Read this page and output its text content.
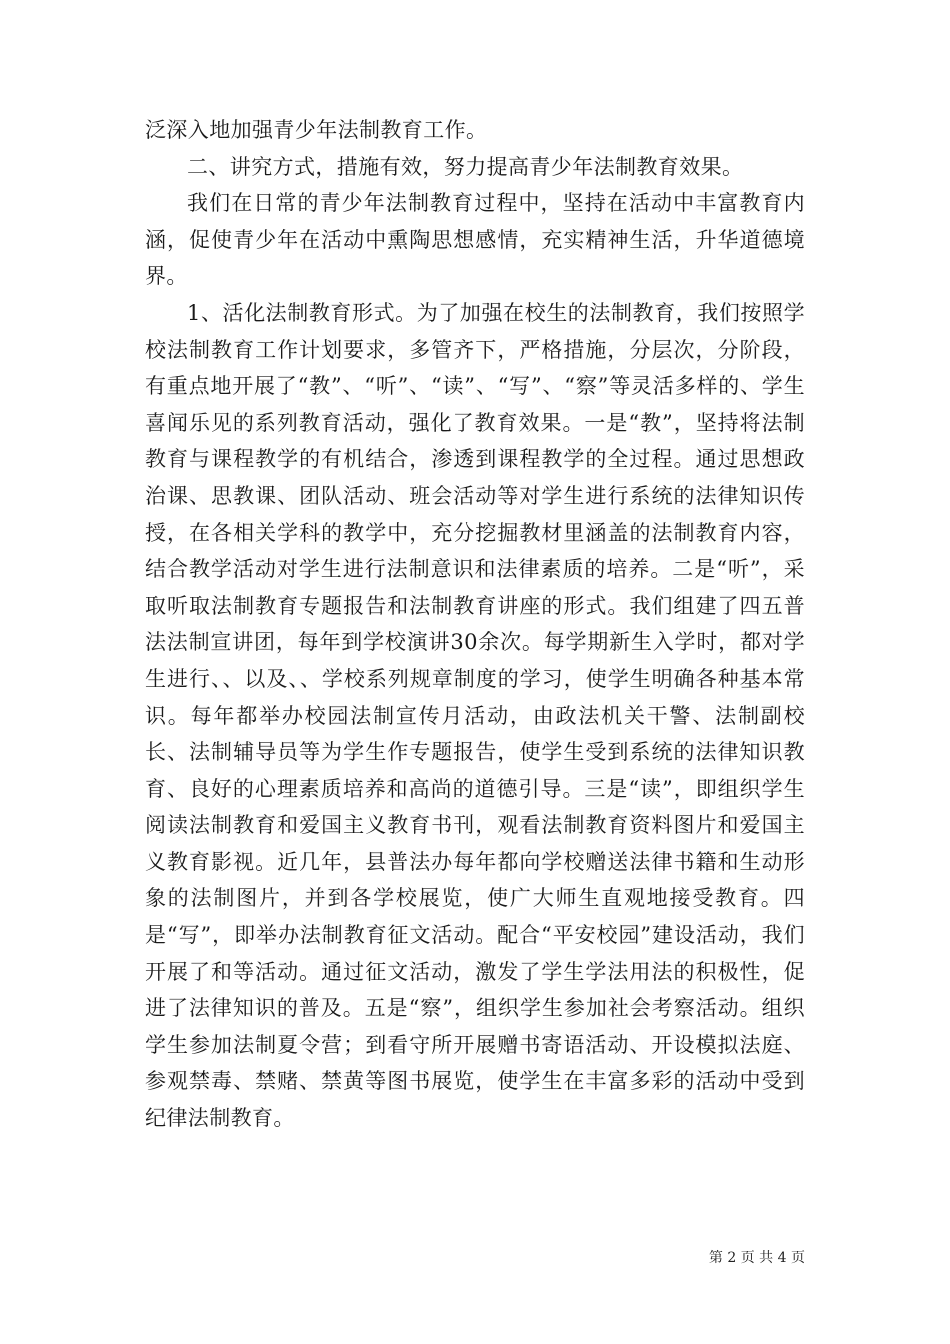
泛深入地加强青少年法制教育工作。

二、讲究方式，措施有效，努力提高青少年法制教育效果。

我们在日常的青少年法制教育过程中，坚持在活动中丰富教育内涵，促使青少年在活动中熏陶思想感情，充实精神生活，升华道德境界。

1、活化法制教育形式。为了加强在校生的法制教育，我们按照学校法制教育工作计划要求，多管齐下，严格措施，分层次，分阶段，有重点地开展了“教”、“听”、“读”、“写”、“察”等灵活多样的、学生喜闻乐见的系列教育活动，强化了教育效果。一是“教”，坚持将法制教育与课程教学的有机结合，渗透到课程教学的全过程。通过思想政治课、思教课、团队活动、班会活动等对学生进行系统的法律知识传授，在各相关学科的教学中，充分挖掘教材里涵盖的法制教育内容，结合教学活动对学生进行法制意识和法律素质的培养。二是“听”，采取听取法制教育专题报告和法制教育讲座的形式。我们组建了四五普法法制宣讲团，每年到学校演讲30余次。每学期新生入学时，都对学生进行、、以及、、学校系列规章制度的学习，使学生明确各种基本常识。每年都举办校园法制宣传月活动，由政法机关干警、法制副校长、法制辅导员等为学生作专题报告，使学生受到系统的法律知识教育、良好的心理素质培养和高尚的道德引导。三是“读”，即组织学生阅读法制教育和爱国主义教育书刊，观看法制教育资料图片和爱国主义教育影视。近几年，县普法办每年都向学校赠送法律书籍和生动形象的法制图片，并到各学校展览，使广大师生直观地接受教育。四是“写”，即举办法制教育征文活动。配合“平安校园”建设活动，我们开展了和等活动。通过征文活动，激发了学生学法用法的积极性，促进了法律知识的普及。五是“察”，组织学生参加社会考察活动。组织学生参加法制夏令营；到看守所开展赠书寄语活动、开设模拟法庭、参观禁毒、禁赌、禁黄等图书展览，使学生在丰富多彩的活动中受到纪律法制教育。

第 2 页 共 4 页
